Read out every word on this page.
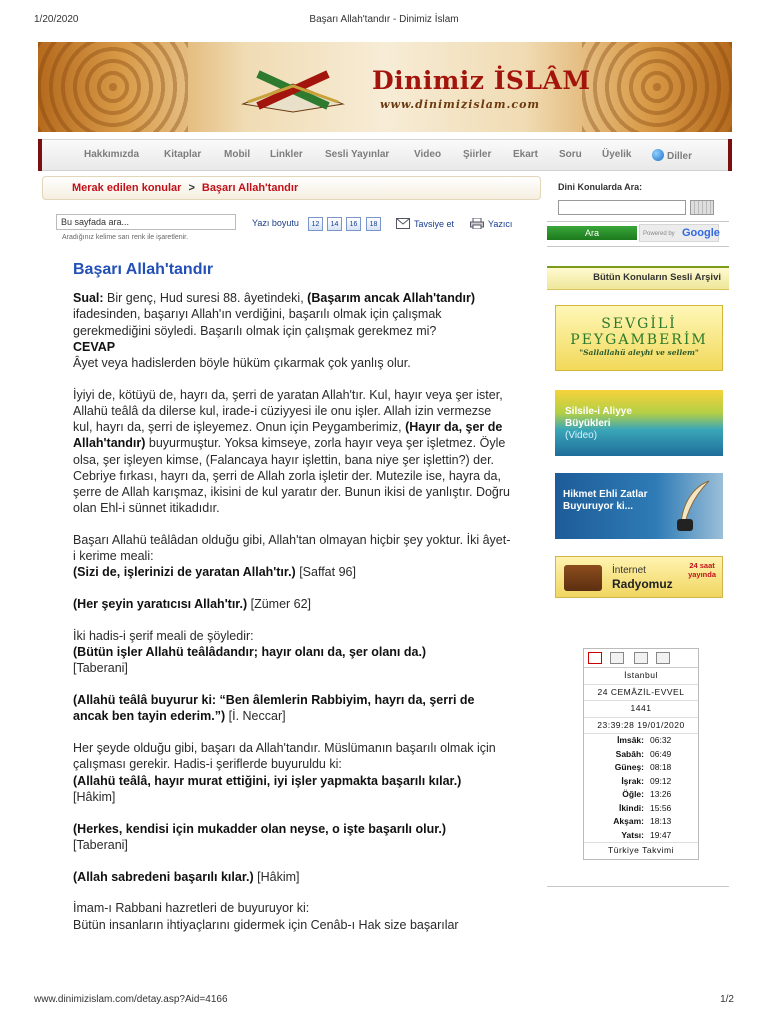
1/20/2020	Başarı Allah'tandır - Dinimiz İslam
Dinimiz İSLÂM
www.dinimizislam.com
Hakkımızda Kitaplar Mobil Linkler Sesli Yayınlar Video Şiirler Ekart Soru Üyelik	Diller
Merak edilen konular > Başarı Allah'tandır
Bu sayfada ara...
Aradığınız kelime sarı renk ile işaretlenir.
Yazı boyutu	12	14	16	18	Tavsiye et	Yazıcı
Başarı Allah'tandır

Sual: Bir genç, Hud suresi 88. âyetindeki, (Başarım ancak Allah'tandır) ifadesinden, başarıyı Allah'ın verdiğini, başarılı olmak için çalışmak gerekmediğini söyledi. Başarılı olmak için çalışmak gerekmez mi?
CEVAP
Âyet veya hadislerden böyle hüküm çıkarmak çok yanlış olur.

İyiyi de, kötüyü de, hayrı da, şerri de yaratan Allah'tır. Kul, hayır veya şer ister, Allahü teâlâ da dilerse kul, irade-i cüziyyesi ile onu işler. Allah izin vermezse kul, hayrı da, şerri de işleyemez. Onun için Peygamberimiz, (Hayır da, şer de Allah'tandır) buyurmuştur. Yoksa kimseye, zorla hayır veya şer işletmez. Öyle olsa, şer işleyen kimse, (Falancaya hayır işlettin, bana niye şer işlettin?) der. Cebriye fırkası, hayrı da, şerri de Allah zorla işletir der. Mutezile ise, hayra da, şerre de Allah karışmaz, ikisini de kul yaratır der. Bunun ikisi de yanlıştır. Doğru olan Ehl-i sünnet itikadıdır.

Başarı Allahü teâlâdan olduğu gibi, Allah'tan olmayan hiçbir şey yoktur. İki âyet-i kerime meali:
(Sizi de, işlerinizi de yaratan Allah'tır.) [Saffat 96]

(Her şeyin yaratıcısı Allah'tır.) [Zümer 62]

İki hadis-i şerif meali de şöyledir:
(Bütün işler Allahü teâlâdandır; hayır olanı da, şer olanı da.)
[Taberani]

(Allahü teâlâ buyurur ki: “Ben âlemlerin Rabbiyim, hayrı da, şerri de ancak ben tayin ederim.”) [İ. Neccar]

Her şeyde olduğu gibi, başarı da Allah'tandır. Müslümanın başarılı olmak için çalışması gerekir. Hadis-i şeriflerde buyuruldu ki:
(Allahü teâlâ, hayır murat ettiğini, iyi işler yapmakta başarılı kılar.)
[Hâkim]

(Herkes, kendisi için mukadder olan neyse, o işte başarılı olur.)
[Taberani]

(Allah sabredeni başarılı kılar.) [Hâkim]

İmam-ı Rabbani hazretleri de buyuruyor ki:
Bütün insanların ihtiyaçlarını gidermek için Cenâb-ı Hak size başarılar

Dini Konularda Ara:
Ara	Powered by Google
Bütün Konuların Sesli Arşivi
SEVGİLİ
PEYGAMBERİM
"Sallallahü aleyhi ve sellem"
Silsile-i Aliyye
Büyükleri
(Video)
Hikmet Ehli Zatlar
Buyuruyor ki...
İnternet
Radyomuz
24 saat
yayında
İstanbul
24 CEMÂZİL-EVVEL
1441
23:39:28 19/01/2020
İmsâk: 06:32
Sabâh: 06:49
Güneş: 08:18
İşrak: 09:12
Öğle: 13:26
İkindi: 15:56
Akşam: 18:13
Yatsı: 19:47
Türkiye Takvimi
www.dinimizislam.com/detay.asp?Aid=4166	1/2
